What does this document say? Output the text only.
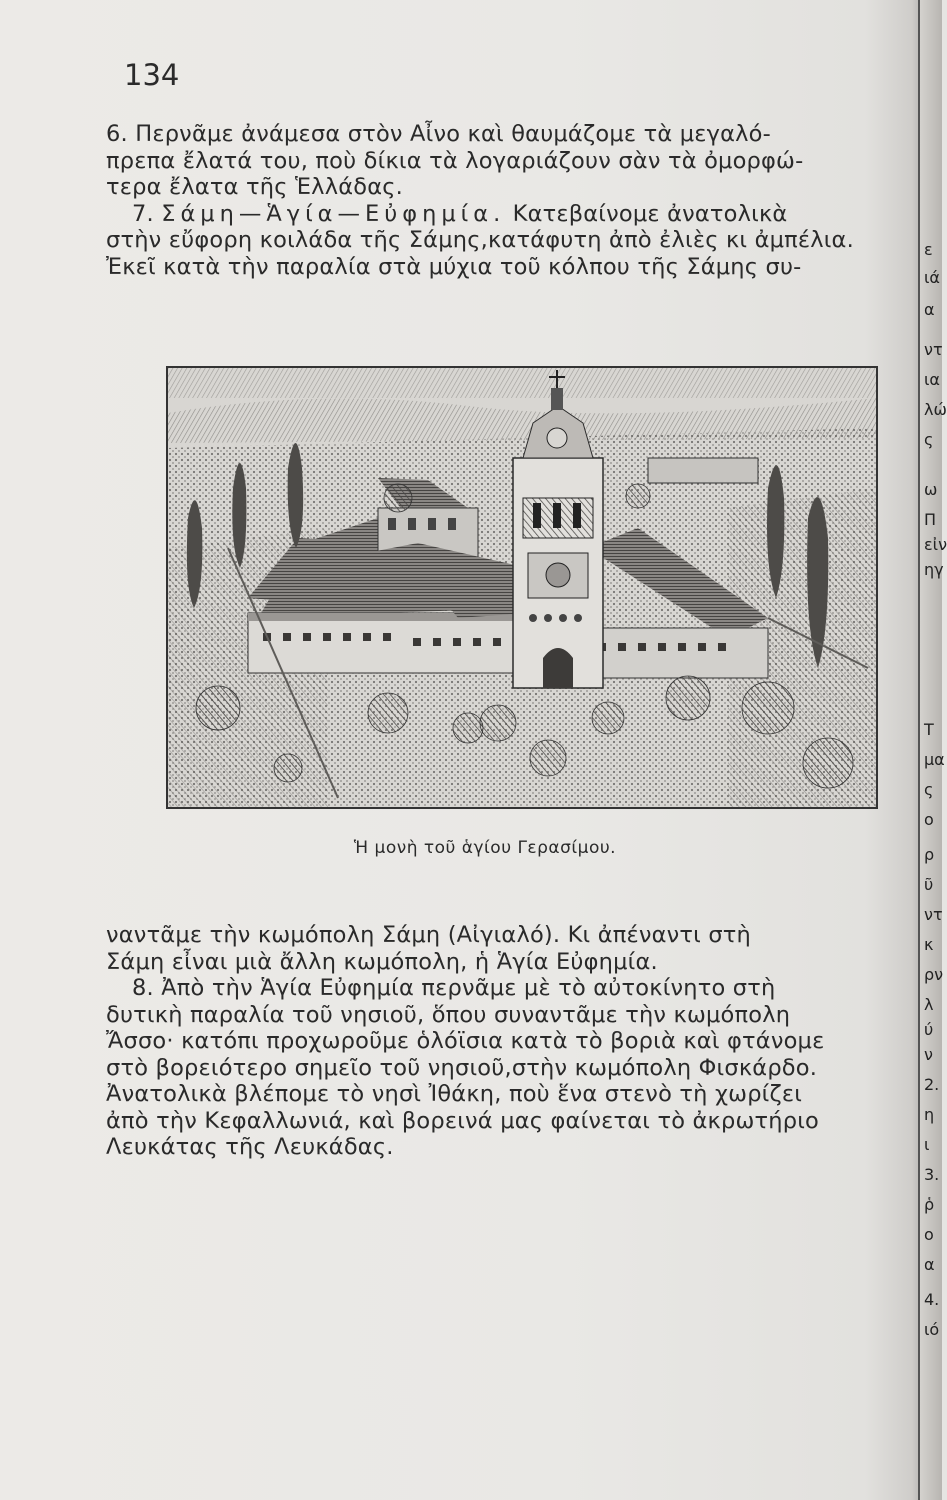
134
6. Περνᾶμε ἀνάμεσα στὸν Αἶνο καὶ θαυμάζομε τὰ μεγαλό-
πρεπα ἔλατά του, ποὺ δίκια τὰ λογαριάζουν σὰν τὰ ὀμορφώ-
τερα ἔλατα τῆς Ἑλλάδας.
7. Σάμη—Ἁγία—Εὐφημία. Κατεβαίνομε ἀνατολικὰ
στὴν εὔφορη κοιλάδα τῆς Σάμης,κατάφυτη ἀπὸ ἐλιὲς κι ἀμπέλια.
Ἐκεῖ κατὰ τὴν παραλία στὰ μύχια τοῦ κόλπου τῆς Σάμης συ-
Ἡ μονὴ τοῦ ἁγίου Γερασίμου.
ναντᾶμε τὴν κωμόπολη Σάμη (Αἰγιαλό). Κι ἀπέναντι στὴ
Σάμη εἶναι μιὰ ἄλλη κωμόπολη, ἡ Ἁγία Εὐφημία.
8. Ἀπὸ τὴν Ἁγία Εὐφημία περνᾶμε μὲ τὸ αὐτοκίνητο στὴ
δυτικὴ παραλία τοῦ νησιοῦ, ὅπου συναντᾶμε τὴν κωμόπολη
Ἄσσο· κατόπι προχωροῦμε ὁλόϊσια κατὰ τὸ βοριὰ καὶ φτάνομε
στὸ βορειότερο σημεῖο τοῦ νησιοῦ,στὴν κωμόπολη Φισκάρδο.
Ἀνατολικὰ βλέπομε τὸ νησὶ Ἰθάκη, ποὺ ἕνα στενὸ τὴ χωρίζει
ἀπὸ τὴν Κεφαλλωνιά, καὶ βορεινά μας φαίνεται τὸ ἀκρωτήριο
Λευκάτας τῆς Λευκάδας.
ε
ιά
α
ντ
ια
λώ
ς
ω
Π
εἰν
ηγ
Τ
μα
ς
ο
ρ
ῦ
ντ
κ
ρν
λ
ύ
ν
2.
η
ι
3.
ῥ
ο
α
4.
ιό
